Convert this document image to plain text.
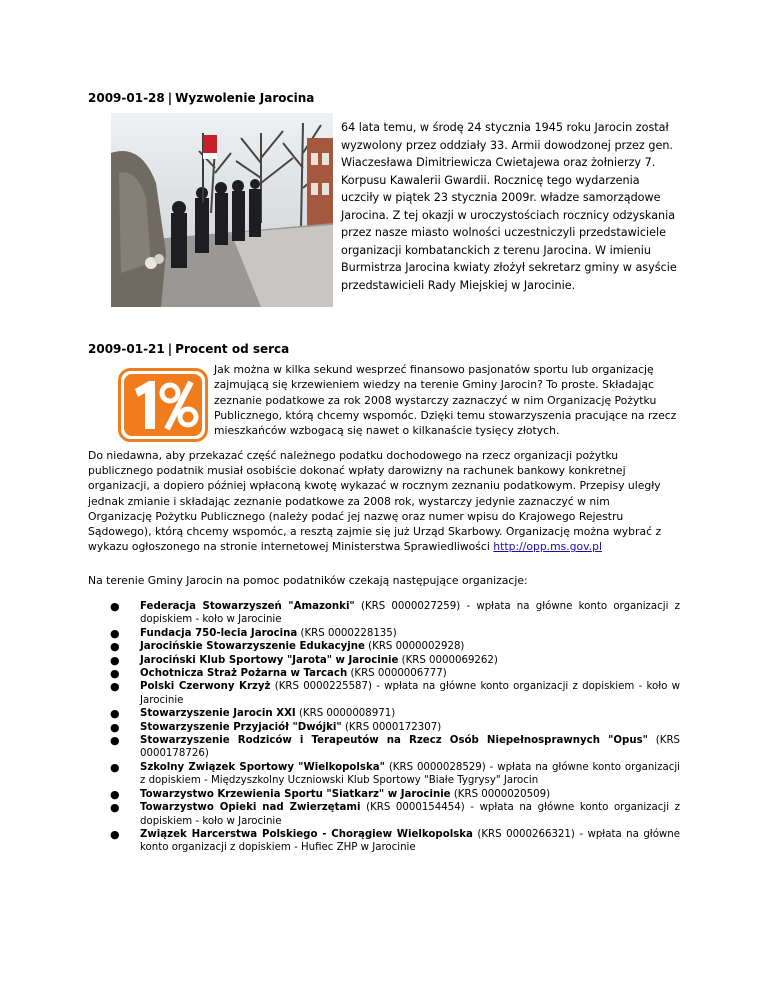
2009-01-28 | Wyzwolenie Jarocina
64 lata temu, w środę 24 stycznia 1945 roku Jarocin został wyzwolony przez oddziały 33. Armii dowodzonej przez gen. Wiaczesława Dimitriewicza Cwietajewa oraz żołnierzy 7. Korpusu Kawalerii Gwardii. Rocznicę tego wydarzenia uczciły w piątek 23 stycznia 2009r. władze samorządowe Jarocina. Z tej okazji w uroczystościach rocznicy odzyskania przez nasze miasto wolności uczestniczyli przedstawiciele organizacji kombatanckich z terenu Jarocina. W imieniu Burmistrza Jarocina kwiaty złożył sekretarz gminy w asyście przedstawicieli Rady Miejskiej w Jarocinie.
2009-01-21 | Procent od serca
Jak można w kilka sekund wesprzeć finansowo pasjonatów sportu lub organizację zajmującą się krzewieniem wiedzy na terenie Gminy Jarocin? To proste. Składając zeznanie podatkowe za rok 2008 wystarczy zaznaczyć w nim Organizację Pożytku Publicznego, którą chcemy wspomóc. Dzięki temu stowarzyszenia pracujące na rzecz mieszkańców wzbogacą się nawet o kilkanaście tysięcy złotych.
Do niedawna, aby przekazać część należnego podatku dochodowego na rzecz organizacji pożytku publicznego podatnik musiał osobiście dokonać wpłaty darowizny na rachunek bankowy konkretnej organizacji, a dopiero później wpłaconą kwotę wykazać w rocznym zeznaniu podatkowym. Przepisy uległy jednak zmianie i składając zeznanie podatkowe za 2008 rok, wystarczy jedynie zaznaczyć w nim Organizację Pożytku Publicznego (należy podać jej nazwę oraz numer wpisu do Krajowego Rejestru Sądowego), którą chcemy wspomóc, a resztą zajmie się już Urząd Skarbowy. Organizację można wybrać z wykazu ogłoszonego na stronie internetowej Ministerstwa Sprawiedliwości http://opp.ms.gov.pl
Na terenie Gminy Jarocin na pomoc podatników czekają następujące organizacje:
● Federacja Stowarzyszeń "Amazonki" (KRS 0000027259) - wpłata na główne konto organizacji z dopiskiem - koło w Jarocinie
● Fundacja 750-lecia Jarocina (KRS 0000228135)
● Jarocińskie Stowarzyszenie Edukacyjne (KRS 0000002928)
● Jarociński Klub Sportowy "Jarota" w Jarocinie (KRS 0000069262)
● Ochotnicza Straż Pożarna w Tarcach (KRS 0000006777)
● Polski Czerwony Krzyż (KRS 0000225587) - wpłata na główne konto organizacji z dopiskiem - koło w Jarocinie
● Stowarzyszenie Jarocin XXI (KRS 0000008971)
● Stowarzyszenie Przyjaciół "Dwójki" (KRS 0000172307)
● Stowarzyszenie Rodziców i Terapeutów na Rzecz Osób Niepełnosprawnych "Opus" (KRS 0000178726)
● Szkolny Związek Sportowy "Wielkopolska" (KRS 0000028529) - wpłata na główne konto organizacji z dopiskiem - Międzyszkolny Uczniowski Klub Sportowy "Białe Tygrysy" Jarocin
● Towarzystwo Krzewienia Sportu "Siatkarz" w Jarocinie (KRS 0000020509)
● Towarzystwo Opieki nad Zwierzętami (KRS 0000154454) - wpłata na główne konto organizacji z dopiskiem - koło w Jarocinie
● Związek Harcerstwa Polskiego - Chorągiew Wielkopolska (KRS 0000266321) - wpłata na główne konto organizacji z dopiskiem - Hufiec ZHP w Jarocinie
